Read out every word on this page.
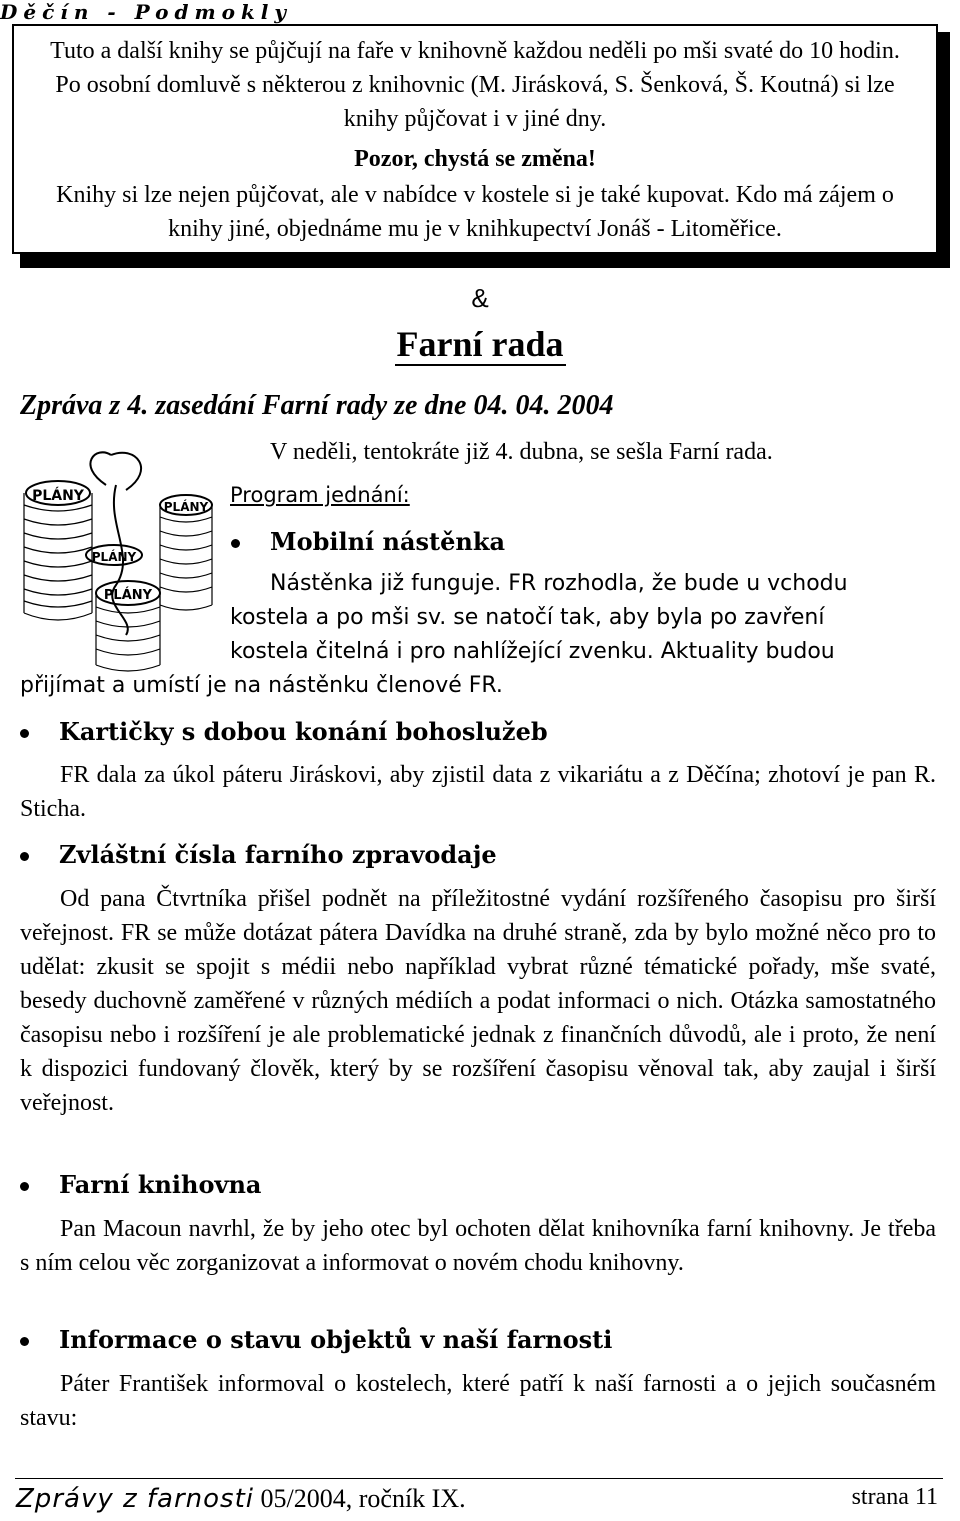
Děčín - Podmokly

Tuto a další knihy se půjčují na faře v knihovně každou neděli po mši svaté do 10 hodin. Po osobní domluvě s některou z knihovnic (M. Jirásková, S. Šenková, Š. Koutná) si lze knihy půjčovat i v jiné dny.

Pozor, chystá se změna!

Knihy si lze nejen půjčovat, ale v nabídce v kostele si je také kupovat. Kdo má zájem o knihy jiné, objednáme mu je v knihkupectví Jonáš - Litoměřice.

&
Farní rada
Zpráva z 4. zasedání Farní rady ze dne 04. 04. 2004
PLÁNY
PLÁNY
PLÁNY
PLÁNY
V neděli, tentokráte již 4. dubna, se sešla Farní rada.
Program jednání:
Mobilní nástěnka

Nástěnka již funguje. FR rozhodla, že bude u vchodu

kostela a po mši sv. se natočí tak, aby byla po zavření

kostela čitelná i pro nahlížející zvenku. Aktuality budou

přijímat a umístí je na nástěnku členové FR.
Kartičky s dobou konání bohoslužeb

FR dala za úkol páteru Jiráskovi, aby zjistil data z vikariátu a z Děčína; zhotoví je pan R. Sticha.

Zvláštní čísla farního zpravodaje

Od pana Čtvrtníka přišel podnět na příležitostné vydání rozšířeného časopisu pro širší veřejnost. FR se může dotázat pátera Davídka na druhé straně, zda by bylo možné něco pro to udělat: zkusit se spojit s médii nebo například vybrat různé tématické pořady, mše svaté, besedy duchovně zaměřené v různých médiích a podat informaci o nich. Otázka samostatného časopisu nebo i rozšíření je ale problematické jednak z finančních důvodů, ale i proto, že není k dispozici fundovaný člověk, který by se rozšíření časopisu věnoval tak, aby zaujal i širší veřejnost.

Farní knihovna

Pan Macoun navrhl, že by jeho otec byl ochoten dělat knihovníka farní knihovny. Je třeba s ním celou věc zorganizovat a informovat o novém chodu knihovny.

Informace o stavu objektů v naší farnosti

Páter František informoval o kostelech, které patří k naší farnosti a o jejich současném stavu:

Zprávy z farnosti 05/2004, ročník IX.	strana 11
